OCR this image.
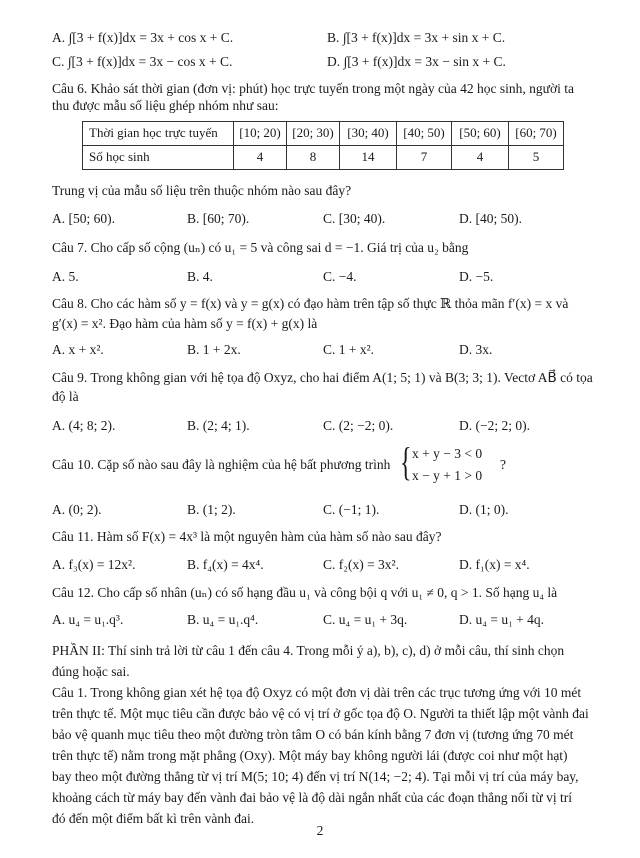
A. ∫[3 + f(x)]dx = 3x + cos x + C.	B. ∫[3 + f(x)]dx = 3x + sin x + C.
C. ∫[3 + f(x)]dx = 3x − cos x + C.	D. ∫[3 + f(x)]dx = 3x − sin x + C.

Câu 6. Khảo sát thời gian (đơn vị: phút) học trực tuyến trong một ngày của 42 học sinh, người ta

thu được mẫu số liệu ghép nhóm như sau:

Thời gian học trực tuyến	[10; 20)	[20; 30)	[30; 40)	[40; 50)	[50; 60)	[60; 70)
Số học sinh	4	8	14	7	4	5
Trung vị của mẫu số liệu trên thuộc nhóm nào sau đây?
A. [50; 60).	B. [60; 70).	C. [30; 40).	D. [40; 50).
Câu 7. Cho cấp số cộng (uₙ) có u₁ = 5 và công sai d = −1. Giá trị của u₂ bằng
A. 5.	B. 4.	C. −4.	D. −5.

Câu 8. Cho các hàm số y = f(x) và y = g(x) có đạo hàm trên tập số thực ℝ thỏa mãn f′(x) = x và

g′(x) = x². Đạo hàm của hàm số y = f(x) + g(x) là

A. x + x².	B. 1 + 2x.	C. 1 + x².	D. 3x.

Câu 9. Trong không gian với hệ tọa độ Oxyz, cho hai điểm A(1; 5; 1) và B(3; 3; 1). Vectơ AB⃗ có tọa

độ là

A. (4; 8; 2).	B. (2; 4; 1).	C. (2; −2; 0).	D. (−2; 2; 0).
Câu 10. Cặp số nào sau đây là nghiệm của hệ bất phương trình { x + y − 3 < 0
x − y + 1 > 0
?
A. (0; 2).	B. (1; 2).	C. (−1; 1).	D. (1; 0).
Câu 11. Hàm số F(x) = 4x³ là một nguyên hàm của hàm số nào sau đây?
A. f₃(x) = 12x².	B. f₄(x) = 4x⁴.	C. f₂(x) = 3x².	D. f₁(x) = x⁴.
Câu 12. Cho cấp số nhân (uₙ) có số hạng đầu u₁ và công bội q với u₁ ≠ 0, q > 1. Số hạng u₄ là
A. u₄ = u₁.q³.	B. u₄ = u₁.q⁴.	C. u₄ = u₁ + 3q.	D. u₄ = u₁ + 4q.

PHẦN II: Thí sinh trả lời từ câu 1 đến câu 4. Trong mỗi ý a), b), c), d) ở mỗi câu, thí sinh chọn

đúng hoặc sai.

Câu 1. Trong không gian xét hệ tọa độ Oxyz có một đơn vị dài trên các trục tương ứng với 10 mét

trên thực tế. Một mục tiêu cần được bảo vệ có vị trí ở gốc tọa độ O. Người ta thiết lập một vành đai

bảo vệ quanh mục tiêu theo một đường tròn tâm O có bán kính bằng 7 đơn vị (tương ứng 70 mét

trên thực tế) nằm trong mặt phẳng (Oxy). Một máy bay không người lái (được coi như một hạt)

bay theo một đường thẳng từ vị trí M(5; 10; 4) đến vị trí N(14; −2; 4). Tại mỗi vị trí của máy bay,

khoảng cách từ máy bay đến vành đai bảo vệ là độ dài ngắn nhất của các đoạn thẳng nối từ vị trí

đó đến một điểm bất kì trên vành đai.

2
